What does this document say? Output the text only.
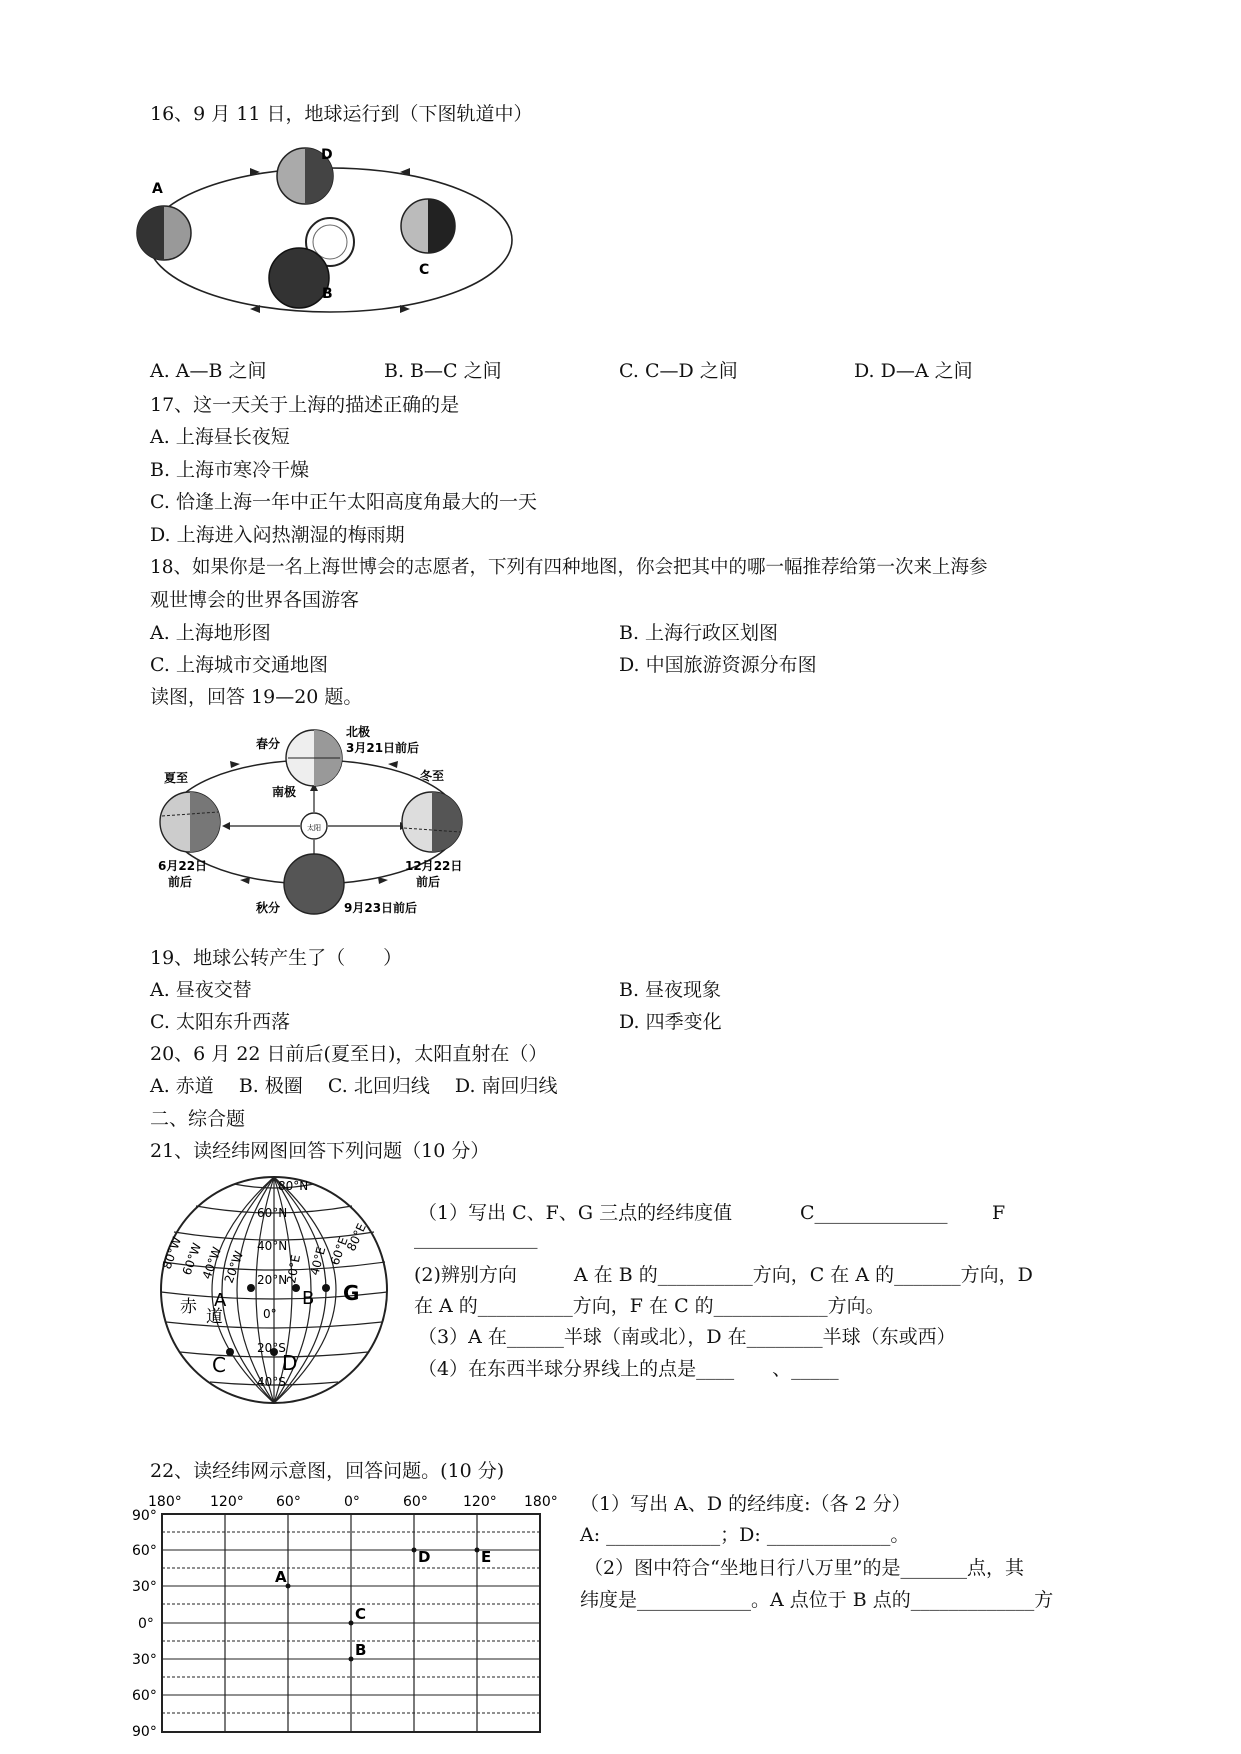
16、9 月 11 日，地球运行到（下图轨道中）
D
A
C
B
A. A—B 之间	B. B—C 之间	C. C—D 之间	D. D—A 之间
17、这一天关于上海的描述正确的是
A. 上海昼长夜短
B. 上海市寒冷干燥
C. 恰逢上海一年中正午太阳高度角最大的一天
D. 上海进入闷热潮湿的梅雨期
18、如果你是一名上海世博会的志愿者，下列有四种地图，你会把其中的哪一幅推荐给第一次来上海参
观世博会的世界各国游客
A. 上海地形图	B. 上海行政区划图
C. 上海城市交通地图	D. 中国旅游资源分布图
读图，回答 19—20 题。
太阳
春分
北极
3月21日前后
夏至
南极
冬至
6月22日
前后
12月22日
前后
秋分	9月23日前后
19、地球公转产生了（　　）
A. 昼夜交替	B. 昼夜现象
C. 太阳东升西落	D. 四季变化
20、6 月 22 日前后(夏至日)，太阳直射在（）
A. 赤道　 B. 极圈　 C. 北回归线　 D. 南回归线
二、综合题
21、读经纬网图回答下列问题（10 分）
80°N
60°N
40°N
20°N
0°
20°S
40°S
80°W
60°W
40°W
20°W	20°E 40°E 60°E
80°E
赤 道
A	B G
C	D
（1）写出 C、F、G 三点的经纬度值	C______________ F
_____________
(2)辨别方向　　　A 在 B 的__________方向，C 在 A 的_______方向，D
在 A 的__________方向，F 在 C 的____________方向。
（3）A 在______半球（南或北），D 在________半球（东或西）
（4）在东西半球分界线上的点是____　　、_____
22、读经纬网示意图，回答问题。(10 分)
180° 120° 60°	0°	60°	120° 180°
90°
60°
30°
0°
30°
60°
90°
A
C
B
D	E
（1）写出 A、D 的经纬度:（各 2 分）
A: ____________；D: _____________。
（2）图中符合“坐地日行八万里”的是_______点，其
纬度是____________。A 点位于 B 点的_____________方
